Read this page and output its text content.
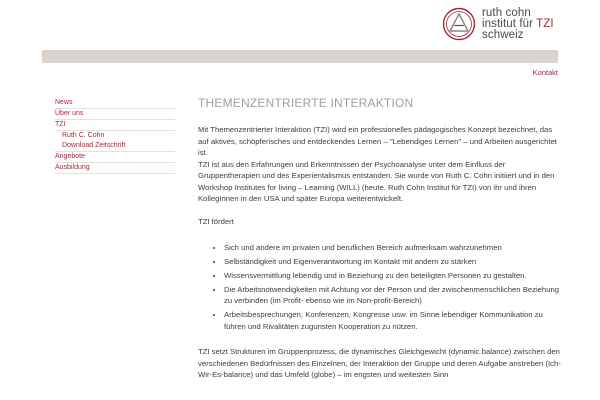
ruth cohn
institut für TZI
schweiz
Kontakt
News
Über uns
TZI
Ruth C. Cohn
Download Zeitschrift
Angebote
Ausbildung
THEMENZENTRIERTE INTERAKTION

Mit Themenzentrierter Interaktion (TZI) wird ein professionelles pädagogisches Konzept bezeichnet, das auf aktives, schöpferisches und entdeckendes Lernen – "Lebendiges Lernen" – und Arbeiten ausgerichtet ist.

TZI ist aus den Erfahrungen und Erkenntnissen der Psychoanalyse unter dem Einfluss der Gruppentherapien und des Experientalismus entstanden. Sie wurde von Ruth C. Cohn initiiert und in den Workshop Institutes for living – Learning (WILL) (heute. Ruth Cohn Institut für TZI) von ihr und ihren KollegInnen in den USA und später Europa weiterentwickelt.

TZI fördert

• Sich und andere im privaten und beruflichen Bereich aufmerksam wahrzunehmen
• Selbständigkeit und Eigenverantwortung im Kontakt mit andern zu stärken
• Wissensvermittlung lebendig und in Beziehung zu den beteiligten Personen zu gestalten.
• Die Arbeitsnotwendigkeiten mit Achtung vor der Person und der zwischenmenschlichen Beziehung zu verbinden (im Profit- ebenso wie im Non-profit-Bereich)
• Arbeitsbesprechungen, Konferenzen, Kongresse usw. im Sinne lebendiger Kommunikation zu führen und Rivalitäten zugunsten Kooperation zu nützen.

TZI setzt Strukturen im Gruppenprozess, die dynamisches Gleichgewicht (dynamic balance) zwischen den verschiedenen Bedürfnissen des Einzelnen, der Interaktion der Gruppe und deren Aufgabe anstreben (Ich-Wir-Es-balance) und das Umfeld (globe) – im engsten und weitesten Sinn
